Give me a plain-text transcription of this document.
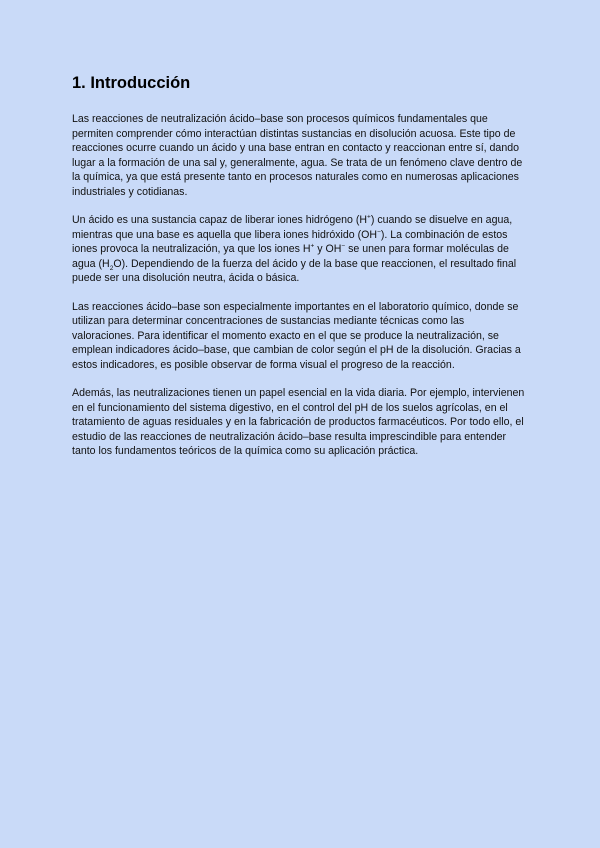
1. Introducción

Las reacciones de neutralización ácido–base son procesos químicos fundamentales que permiten comprender cómo interactúan distintas sustancias en disolución acuosa. Este tipo de reacciones ocurre cuando un ácido y una base entran en contacto y reaccionan entre sí, dando lugar a la formación de una sal y, generalmente, agua. Se trata de un fenómeno clave dentro de la química, ya que está presente tanto en procesos naturales como en numerosas aplicaciones industriales y cotidianas.

Un ácido es una sustancia capaz de liberar iones hidrógeno (H+) cuando se disuelve en agua, mientras que una base es aquella que libera iones hidróxido (OH−). La combinación de estos iones provoca la neutralización, ya que los iones H+ y OH− se unen para formar moléculas de agua $(H_2O)$. Dependiendo de la fuerza del ácido y de la base que reaccionen, el resultado final puede ser una disolución neutra, ácida o básica.

Las reacciones ácido–base son especialmente importantes en el laboratorio químico, donde se utilizan para determinar concentraciones de sustancias mediante técnicas como las valoraciones. Para identificar el momento exacto en el que se produce la neutralización, se emplean indicadores ácido–base, que cambian de color según el pH de la disolución. Gracias a estos indicadores, es posible observar de forma visual el progreso de la reacción.

Además, las neutralizaciones tienen un papel esencial en la vida diaria. Por ejemplo, intervienen en el funcionamiento del sistema digestivo, en el control del pH de los suelos agrícolas, en el tratamiento de aguas residuales y en la fabricación de productos farmacéuticos. Por todo ello, el estudio de las reacciones de neutralización ácido–base resulta imprescindible para entender tanto los fundamentos teóricos de la química como su aplicación práctica.
